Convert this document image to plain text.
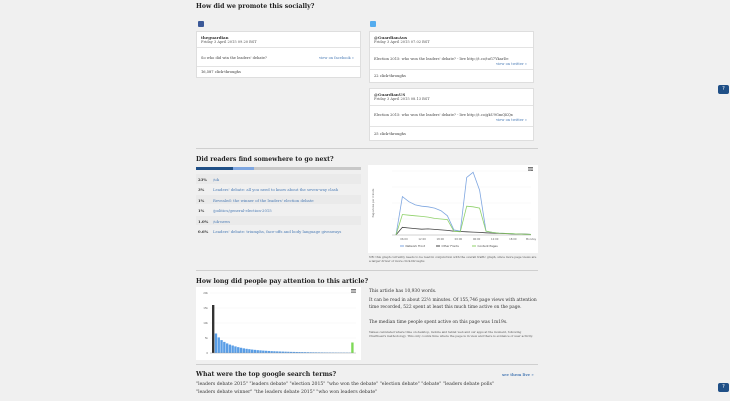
How did we promote this socially?
theguardian
Friday 3 April 2015 09.20 BST
So who did win the leaders' debate?	view on facebook »
16,587 click-throughs
@GuardianAus
Friday 3 April 2015 07.02 BST
Election 2015: who won the leaders' debate? - live http://t.co/tuG7YkarDe
view on twitter »
22 click-throughs
@GuardianUS
Friday 3 April 2015 08.13 BST
Election 2015: who won the leaders' debate? - live http://t.co/gkU9GmQKQx
view on twitter »
25 click-throughs
Did readers find somewhere to go next?
23% /uk
3% Leaders' debate: all you need to know about the seven-way clash
1% Revealed: the winner of the leaders' election debate
1% /politics/general-election-2015
1.0% /uk-news
0.6% Leaders' debate: triumphs, face-offs and body language giveaways
Pageviews per minute
06:00	12:00	18:00	00:00	06:00	12:00	18:00	Monday
Network Front	Other Fronts	Content Pages
NB: this graph currently needs to be read in conjunction with the overall traffic graph, since more page views are a larger driver of more click-throughs
How long did people pay attention to this article?
20k
15k
10k
5k
0

This article has 10,930 words.

It can be read in about 22½ minutes. Of 155,746 page views with attention time recorded, 522 spent at least this much time active on the page.

The median time people spent active on this page was 1m19s.

Values calculated where time on desktop, mobile and tablet web and our apps at the moment, following Chartbeat's methodology. This only counts time where the page is in view and there is evidence of user activity.
What were the top google search terms?	see them live »
"leaders debate 2015" "leaders debate" "election 2015" "who won the debate" "election debate" "debate" "leaders debate polls"
"leaders debate winner" "the leaders debate 2015" "who won leaders debate"
?
?
